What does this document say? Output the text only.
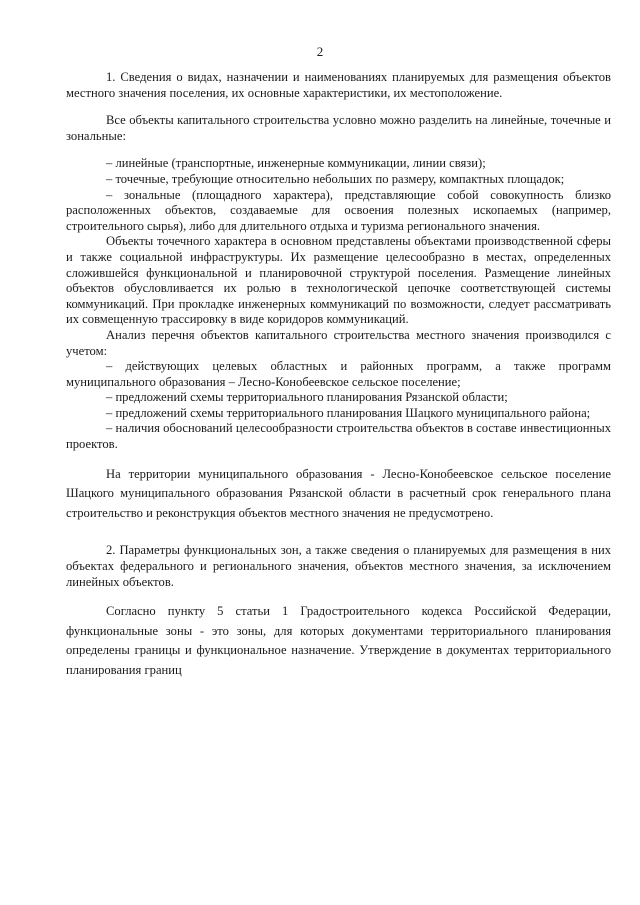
2

1. Сведения о видах, назначении и наименованиях планируемых для размещения объектов местного значения поселения, их основные характеристики, их местоположение.

Все объекты капитального строительства условно можно разделить на линейные, точечные и зональные:

– линейные (транспортные, инженерные коммуникации, линии связи);

– точечные, требующие относительно небольших по размеру, компактных площадок;

– зональные (площадного характера), представляющие собой совокупность близко расположенных объектов, создаваемые для освоения полезных ископаемых (например, строительного сырья), либо для длительного отдыха и туризма регионального значения.

Объекты точечного характера в основном представлены объектами производственной сферы и также социальной инфраструктуры. Их размещение целесообразно в местах, определенных сложившейся функциональной и планировочной структурой поселения. Размещение линейных объектов обусловливается их ролью в технологической цепочке соответствующей системы коммуникаций. При прокладке инженерных коммуникаций по возможности, следует рассматривать их совмещенную трассировку в виде коридоров коммуникаций.

Анализ перечня объектов капитального строительства местного значения производился с учетом:

– действующих целевых областных и районных программ, а также программ муниципального образования – Лесно-Конобеевское сельское поселение;

– предложений схемы территориального планирования Рязанской области;

– предложений схемы территориального планирования Шацкого муниципального района;

– наличия обоснований целесообразности строительства объектов в составе инвестиционных проектов.

На территории муниципального образования - Лесно-Конобеевское сельское поселение Шацкого муниципального образования Рязанской области в расчетный срок генерального плана строительство и реконструкция объектов местного значения не предусмотрено.

2. Параметры функциональных зон, а также сведения о планируемых для размещения в них объектах федерального и регионального значения, объектов местного значения, за исключением линейных объектов.

Согласно пункту 5 статьи 1 Градостроительного кодекса Российской Федерации, функциональные зоны - это зоны, для которых документами территориального планирования определены границы и функциональное назначение. Утверждение в документах территориального планирования границ
